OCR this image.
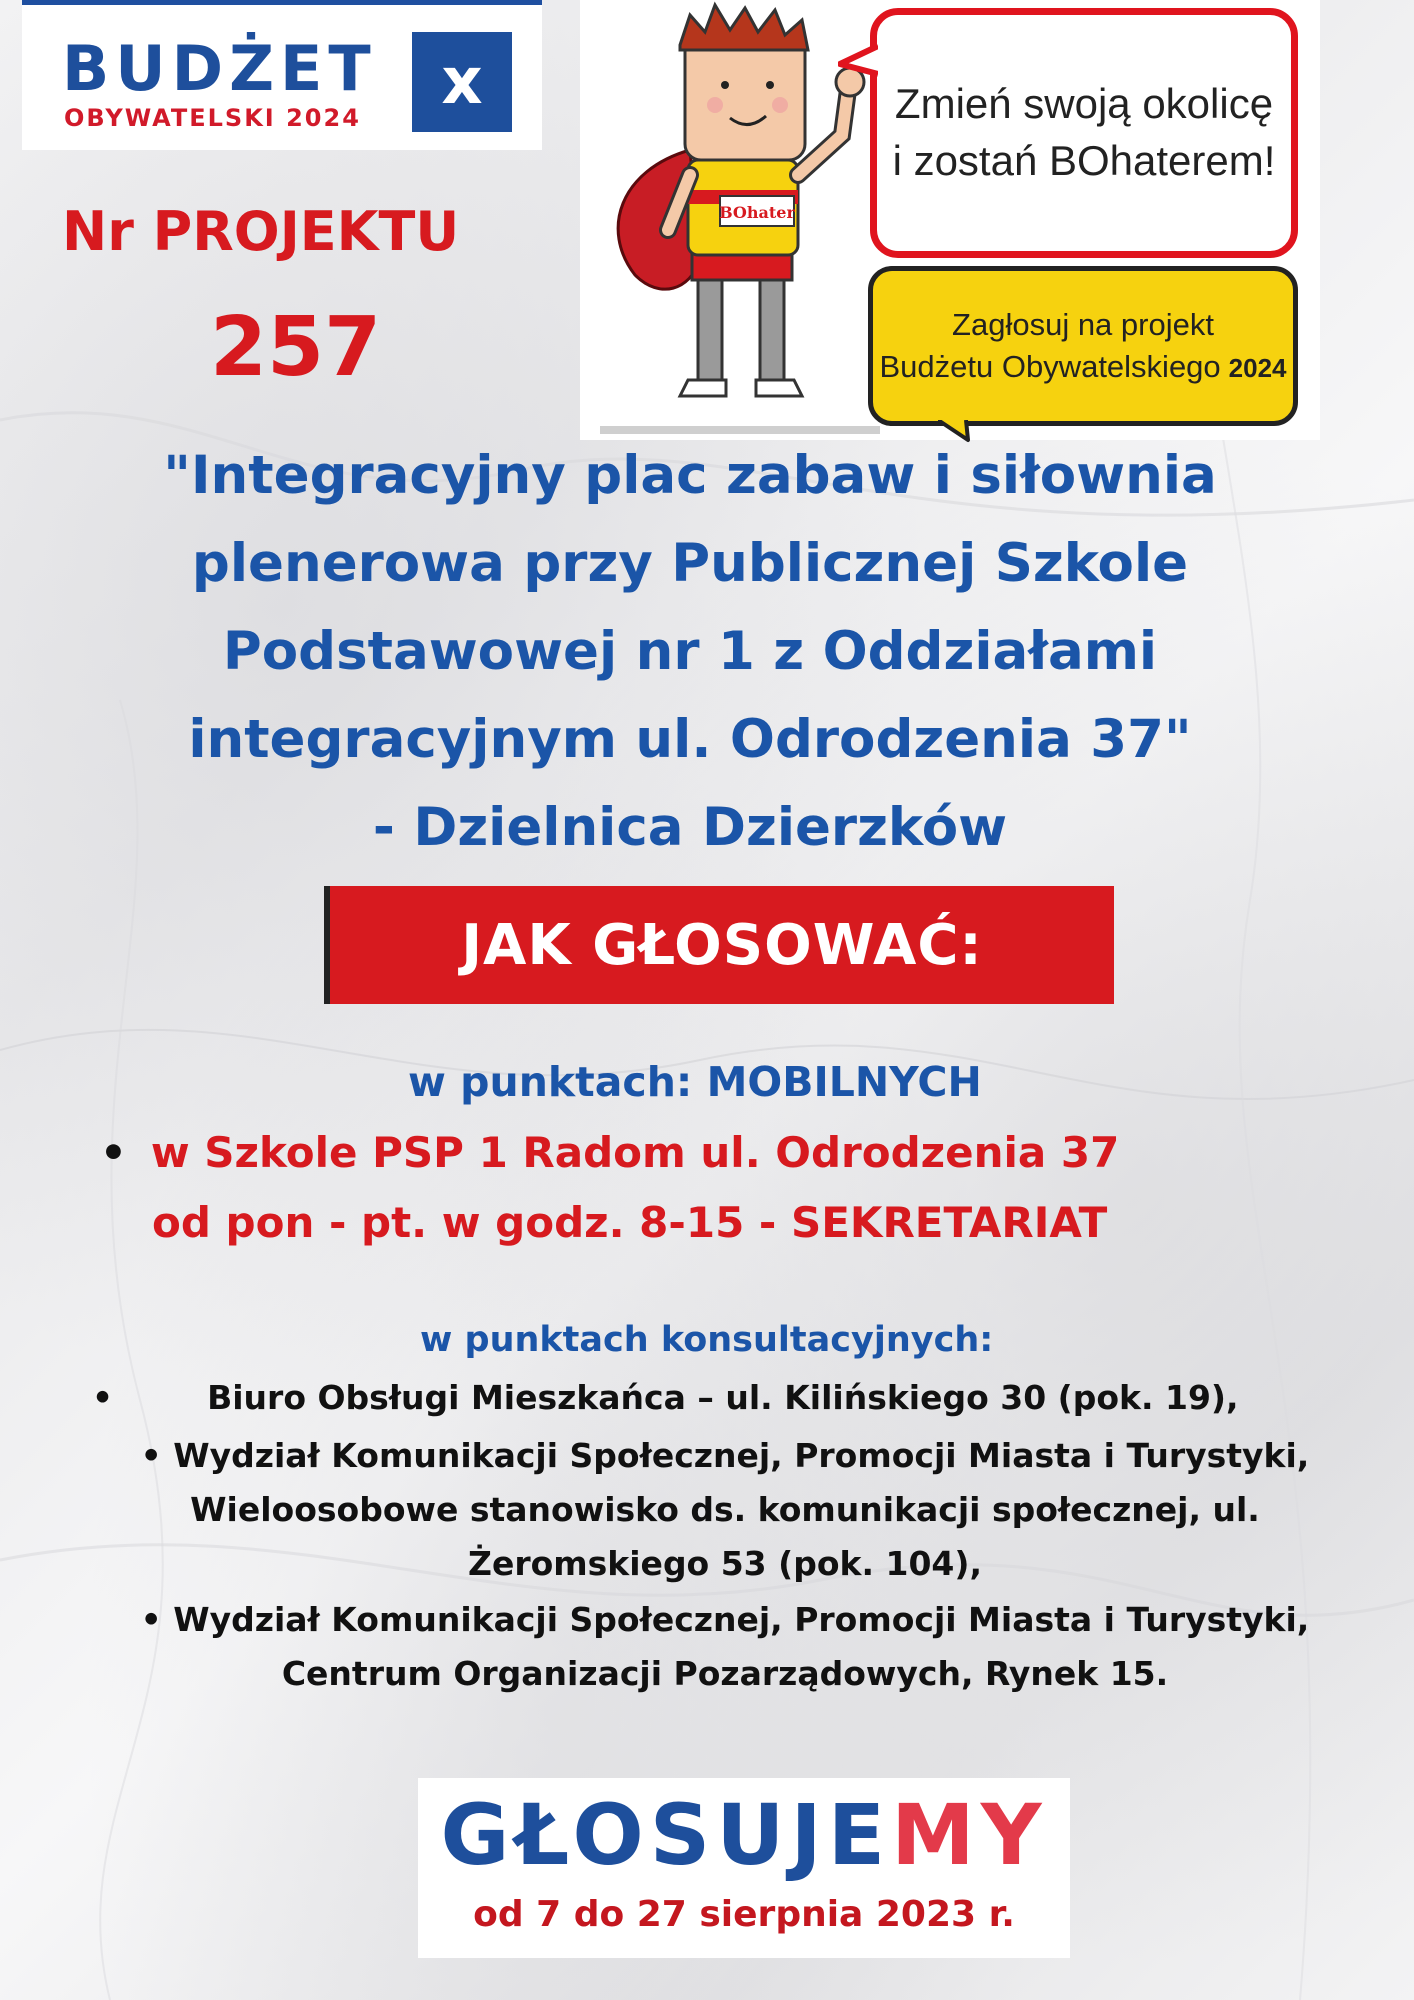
BUDŻET	x
OBYWATELSKI 2024
Nr PROJEKTU
257
BOhater
Zmień swoją okolicę
i zostań BOhaterem!
Zagłosuj na projekt
Budżetu Obywatelskiego 2024
"Integracyjny plac zabaw i siłownia
plenerowa przy Publicznej Szkole
Podstawowej nr 1 z Oddziałami
integracyjnym ul. Odrodzenia 37"
- Dzielnica Dzierzków
JAK GŁOSOWAĆ:
w punktach: MOBILNYCH
• w Szkole PSP 1 Radom ul. Odrodzenia 37
od pon - pt. w godz. 8-15 - SEKRETARIAT
w punktach konsultacyjnych:
•	Biuro Obsługi Mieszkańca – ul. Kilińskiego 30 (pok. 19),
• Wydział Komunikacji Społecznej, Promocji Miasta i Turystyki,
Wieloosobowe stanowisko ds. komunikacji społecznej, ul.
Żeromskiego 53 (pok. 104),
• Wydział Komunikacji Społecznej, Promocji Miasta i Turystyki,
Centrum Organizacji Pozarządowych, Rynek 15.
GŁOSUJEMY
od 7 do 27 sierpnia 2023 r.
